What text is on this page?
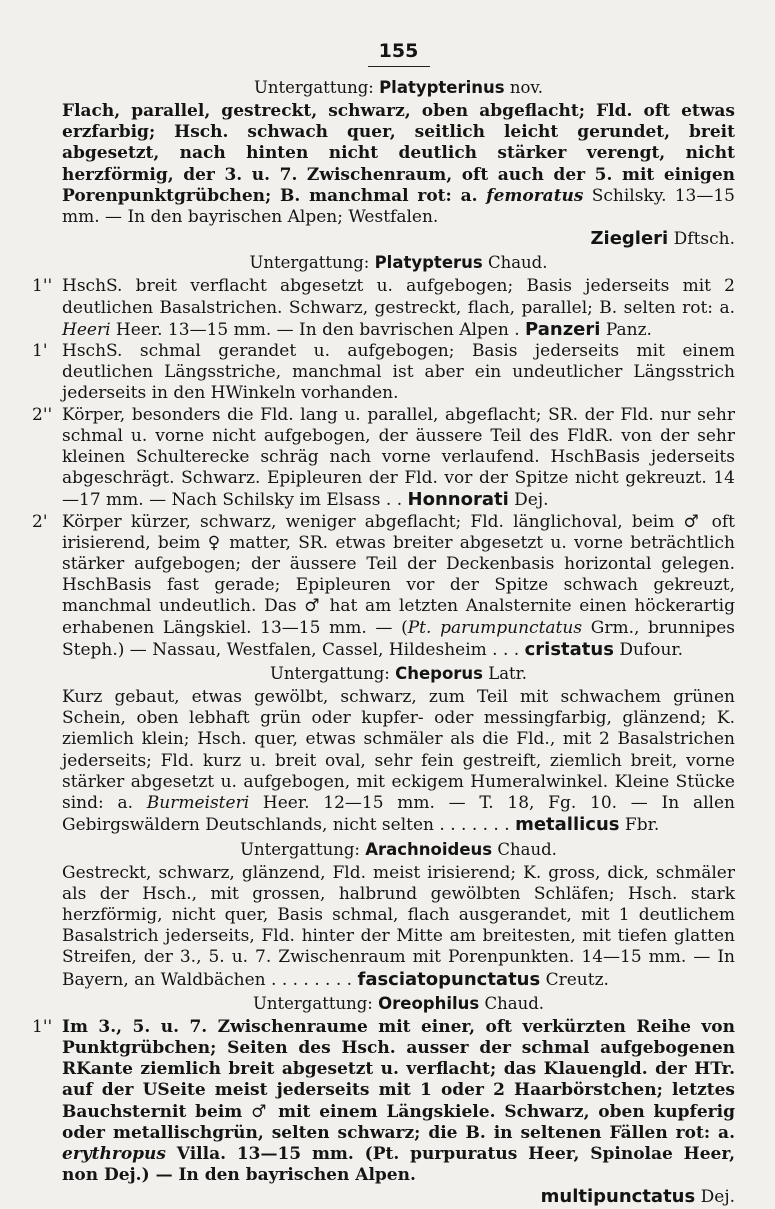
155
Untergattung: Platypterinus nov.

Flach, parallel, gestreckt, schwarz, oben abgeflacht; Fld. oft etwas erzfarbig; Hsch. schwach quer, seitlich leicht gerundet, breit abgesetzt, nach hinten nicht deutlich stärker verengt, nicht herzförmig, der 3. u. 7. Zwischenraum, oft auch der 5. mit einigen Porenpunktgrübchen; B. manchmal rot: a. femoratus Schilsky. 13—15 mm. — In den bayrischen Alpen; Westfalen.

Ziegleri Dftsch.
Untergattung: Platypterus Chaud.
1'' HschS. breit verflacht abgesetzt u. aufgebogen; Basis jederseits mit 2 deutlichen Basalstrichen. Schwarz, gestreckt, flach, parallel; B. selten rot: a. Heeri Heer. 13—15 mm. — In den bavrischen Alpen . Panzeri Panz.

1' HschS. schmal gerandet u. aufgebogen; Basis jederseits mit einem deutlichen Längsstriche, manchmal ist aber ein undeutlicher Längsstrich jederseits in den HWinkeln vorhanden.

2'' Körper, besonders die Fld. lang u. parallel, abgeflacht; SR. der Fld. nur sehr schmal u. vorne nicht aufgebogen, der äussere Teil des FldR. von der sehr kleinen Schulterecke schräg nach vorne verlaufend. HschBasis jederseits abgeschrägt. Schwarz. Epipleuren der Fld. vor der Spitze nicht gekreuzt. 14—17 mm. — Nach Schilsky im Elsass . . Honnorati Dej.

2' Körper kürzer, schwarz, weniger abgeflacht; Fld. länglichoval, beim ♂ oft irisierend, beim ♀ matter, SR. etwas breiter abgesetzt u. vorne beträchtlich stärker aufgebogen; der äussere Teil der Deckenbasis horizontal gelegen. HschBasis fast gerade; Epipleuren vor der Spitze schwach gekreuzt, manchmal undeutlich. Das ♂ hat am letzten Analsternite einen höckerartig erhabenen Längskiel. 13—15 mm. — (Pt. parumpunctatus Grm., brunnipes Steph.) — Nassau, Westfalen, Cassel, Hildesheim . . . cristatus Dufour.

Untergattung: Cheporus Latr.

Kurz gebaut, etwas gewölbt, schwarz, zum Teil mit schwachem grünen Schein, oben lebhaft grün oder kupfer- oder messingfarbig, glänzend; K. ziemlich klein; Hsch. quer, etwas schmäler als die Fld., mit 2 Basalstrichen jederseits; Fld. kurz u. breit oval, sehr fein gestreift, ziemlich breit, vorne stärker abgesetzt u. aufgebogen, mit eckigem Humeralwinkel. Kleine Stücke sind: a. Burmeisteri Heer. 12—15 mm. — T. 18, Fg. 10. — In allen Gebirgswäldern Deutschlands, nicht selten . . . . . . . metallicus Fbr.

Untergattung: Arachnoideus Chaud.

Gestreckt, schwarz, glänzend, Fld. meist irisierend; K. gross, dick, schmäler als der Hsch., mit grossen, halbrund gewölbten Schläfen; Hsch. stark herzförmig, nicht quer, Basis schmal, flach ausgerandet, mit 1 deutlichem Basalstrich jederseits, Fld. hinter der Mitte am breitesten, mit tiefen glatten Streifen, der 3., 5. u. 7. Zwischenraum mit Porenpunkten. 14—15 mm. — In Bayern, an Waldbächen . . . . . . . . fasciatopunctatus Creutz.

Untergattung: Oreophilus Chaud.
1'' Im 3., 5. u. 7. Zwischenraume mit einer, oft verkürzten Reihe von Punktgrübchen; Seiten des Hsch. ausser der schmal aufgebogenen RKante ziemlich breit abgesetzt u. verflacht; das Klauengld. der HTr. auf der USeite meist jederseits mit 1 oder 2 Haarbörstchen; letztes Bauchsternit beim ♂ mit einem Längskiele. Schwarz, oben kupferig oder metallischgrün, selten schwarz; die B. in seltenen Fällen rot: a. erythropus Villa. 13—15 mm. (Pt. purpuratus Heer, Spinolae Heer, non Dej.) — In den bayrischen Alpen.

multipunctatus Dej.
